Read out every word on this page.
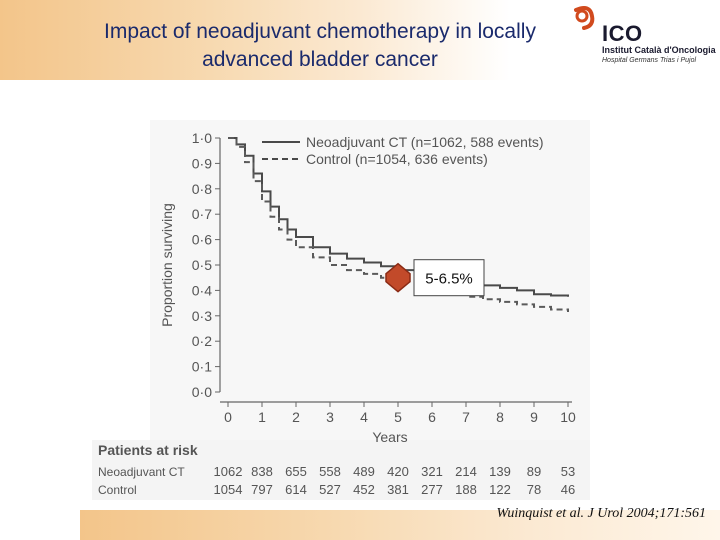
Impact of neoadjuvant chemotherapy in locally
advanced bladder cancer
ICO
Institut Català d'Oncologia
Hospital Germans Trias i Pujol
0·0
0·1
0·2
0·3
0·4
0·5
0·6
0·7
0·8
0·9
1·0
0 1 2 3 4 5 6 7 8 9 10
Years
Proportion surviving
Neoadjuvant CT (n=1062, 588 events)
Control (n=1054, 636 events)
5-6.5%
Patients at risk
Neoadjuvant CT 1062 838 655 558 489 420 321 214 139 89 53
Control	1054 797 614 527 452 381 277 188 122 78 46
Wuinquist et al. J Urol 2004;171:561
